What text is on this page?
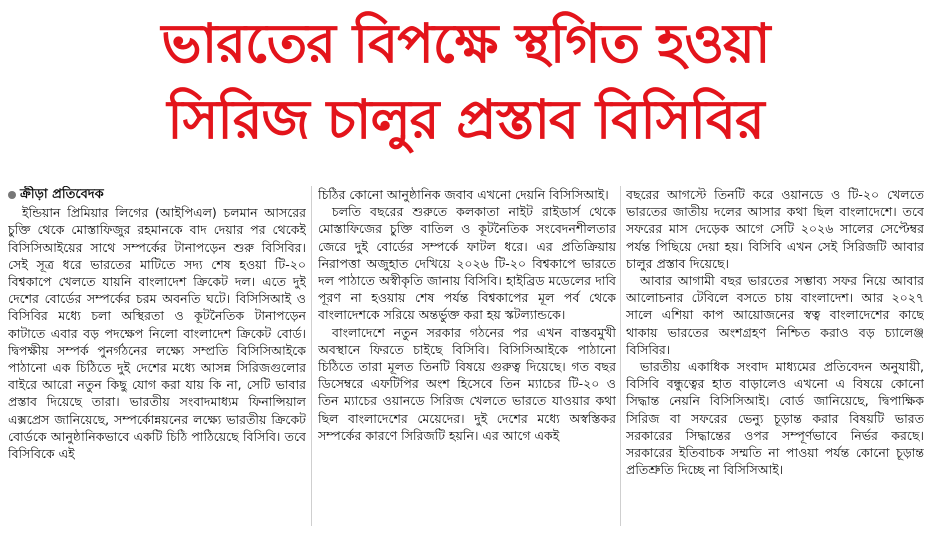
ভারতের বিপক্ষে স্থগিত হওয়া
সিরিজ চালুর প্রস্তাব বিসিবির
ক্রীড়া প্রতিবেদক

ইন্ডিয়ান প্রিমিয়ার লিগের (আইপিএল) চলমান আসরের চুক্তি থেকে মোস্তাফিজুর রহমানকে বাদ দেয়ার পর থেকেই বিসিসিআইয়ের সাথে সম্পর্কের টানাপড়েন শুরু বিসিবির। সেই সূত্র ধরে ভারতের মাটিতে সদ্য শেষ হওয়া টি-২০ বিশ্বকাপে খেলতে যায়নি বাংলাদেশ ক্রিকেট দল। এতে দুই দেশের বোর্ডের সম্পর্কের চরম অবনতি ঘটে। বিসিসিআই ও বিসিবির মধ্যে চলা অস্থিরতা ও কূটনৈতিক টানাপড়েন কাটাতে এবার বড় পদক্ষেপ নিলো বাংলাদেশ ক্রিকেট বোর্ড। দ্বিপক্ষীয় সম্পর্ক পুনর্গঠনের লক্ষ্যে সম্প্রতি বিসিসিআইকে পাঠানো এক চিঠিতে দুই দেশের মধ্যে আসন্ন সিরিজগুলোর বাইরে আরো নতুন কিছু যোগ করা যায় কি না, সেটি ভাবার প্রস্তাব দিয়েছে তারা। ভারতীয় সংবাদমাধ্যম ফিনান্সিয়াল এক্সপ্রেস জানিয়েছে, সম্পর্কোন্নয়নের লক্ষ্যে ভারতীয় ক্রিকেট বোর্ডকে আনুষ্ঠানিকভাবে একটি চিঠি পাঠিয়েছে বিসিবি। তবে বিসিবিকে এই

চিঠির কোনো আনুষ্ঠানিক জবাব এখনো দেয়নি বিসিসিআই।

চলতি বছরের শুরুতে কলকাতা নাইট রাইডার্স থেকে মোস্তাফিজের চুক্তি বাতিল ও কূটনৈতিক সংবেদনশীলতার জেরে দুই বোর্ডের সম্পর্কে ফাটল ধরে। এর প্রতিক্রিয়ায় নিরাপত্তা অজুহাত দেখিয়ে ২০২৬ টি-২০ বিশ্বকাপে ভারতে দল পাঠাতে অস্বীকৃতি জানায় বিসিবি। হাইব্রিড মডেলের দাবি পূরণ না হওয়ায় শেষ পর্যন্ত বিশ্বকাপের মূল পর্ব থেকে বাংলাদেশকে সরিয়ে অন্তর্ভুক্ত করা হয় স্কটল্যান্ডকে।

বাংলাদেশে নতুন সরকার গঠনের পর এখন বাস্তবমুখী অবস্থানে ফিরতে চাইছে বিসিবি। বিসিসিআইকে পাঠানো চিঠিতে তারা মূলত তিনটি বিষয়ে গুরুত্ব দিয়েছে। গত বছর ডিসেম্বরে এফটিপির অংশ হিসেবে তিন ম্যাচের টি-২০ ও তিন ম্যাচের ওয়ানডে সিরিজ খেলতে ভারতে যাওয়ার কথা ছিল বাংলাদেশের মেয়েদের। দুই দেশের মধ্যে অস্বস্তিকর সম্পর্কের কারণে সিরিজটি হয়নি। এর আগে একই

বছরের আগস্টে তিনটি করে ওয়ানডে ও টি-২০ খেলতে ভারতের জাতীয় দলের আসার কথা ছিল বাংলাদেশে। তবে সফরের মাস দেড়েক আগে সেটি ২০২৬ সালের সেপ্টেম্বর পর্যন্ত পিছিয়ে দেয়া হয়। বিসিবি এখন সেই সিরিজটি আবার চালুর প্রস্তাব দিয়েছে।

আবার আগামী বছর ভারতের সম্ভাব্য সফর নিয়ে আবার আলোচনার টেবিলে বসতে চায় বাংলাদেশ। আর ২০২৭ সালে এশিয়া কাপ আয়োজনের স্বত্ব বাংলাদেশের কাছে থাকায় ভারতের অংশগ্রহণ নিশ্চিত করাও বড় চ্যালেঞ্জ বিসিবির।

ভারতীয় একাধিক সংবাদ মাধ্যমের প্রতিবেদন অনুযায়ী, বিসিবি বন্ধুত্বের হাত বাড়ালেও এখনো এ বিষয়ে কোনো সিদ্ধান্ত নেয়নি বিসিসিআই। বোর্ড জানিয়েছে, দ্বিপাক্ষিক সিরিজ বা সফরের ভেন্যু চূড়ান্ত করার বিষয়টি ভারত সরকারের সিদ্ধান্তের ওপর সম্পূর্ণভাবে নির্ভর করছে। সরকারের ইতিবাচক সম্মতি না পাওয়া পর্যন্ত কোনো চূড়ান্ত প্রতিশ্রুতি দিচ্ছে না বিসিসিআই।
